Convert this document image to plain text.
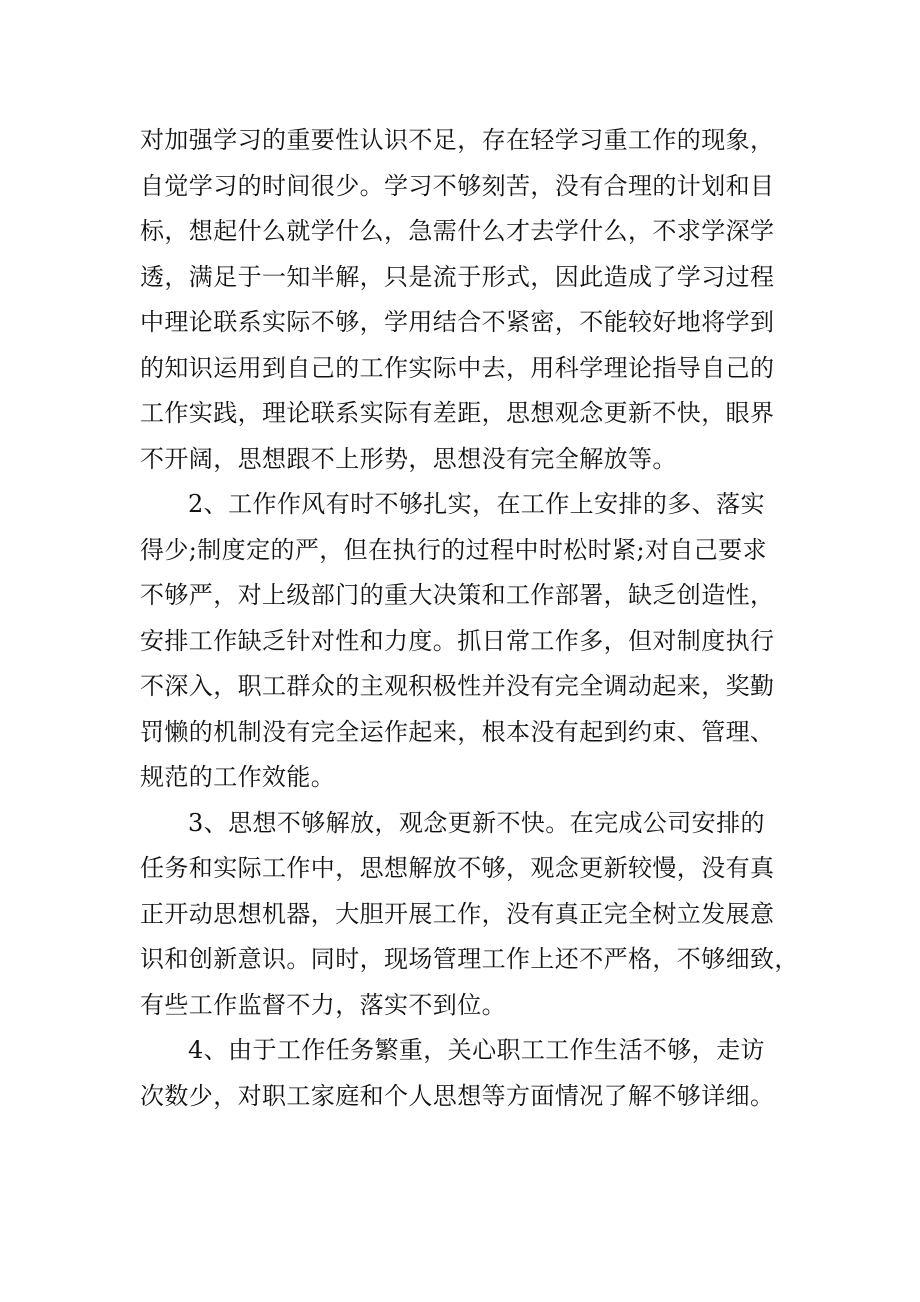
对加强学习的重要性认识不足，存在轻学习重工作的现象，
自觉学习的时间很少。学习不够刻苦，没有合理的计划和目
标，想起什么就学什么，急需什么才去学什么，不求学深学
透，满足于一知半解，只是流于形式，因此造成了学习过程
中理论联系实际不够，学用结合不紧密，不能较好地将学到
的知识运用到自己的工作实际中去，用科学理论指导自己的
工作实践，理论联系实际有差距，思想观念更新不快，眼界
不开阔，思想跟不上形势，思想没有完全解放等。
2、工作作风有时不够扎实，在工作上安排的多、落实
得少;制度定的严，但在执行的过程中时松时紧;对自己要求
不够严，对上级部门的重大决策和工作部署，缺乏创造性，
安排工作缺乏针对性和力度。抓日常工作多，但对制度执行
不深入，职工群众的主观积极性并没有完全调动起来，奖勤
罚懒的机制没有完全运作起来，根本没有起到约束、管理、
规范的工作效能。
3、思想不够解放，观念更新不快。在完成公司安排的
任务和实际工作中，思想解放不够，观念更新较慢，没有真
正开动思想机器，大胆开展工作，没有真正完全树立发展意
识和创新意识。同时，现场管理工作上还不严格，不够细致，
有些工作监督不力，落实不到位。
4、由于工作任务繁重，关心职工工作生活不够，走访
次数少，对职工家庭和个人思想等方面情况了解不够详细。
